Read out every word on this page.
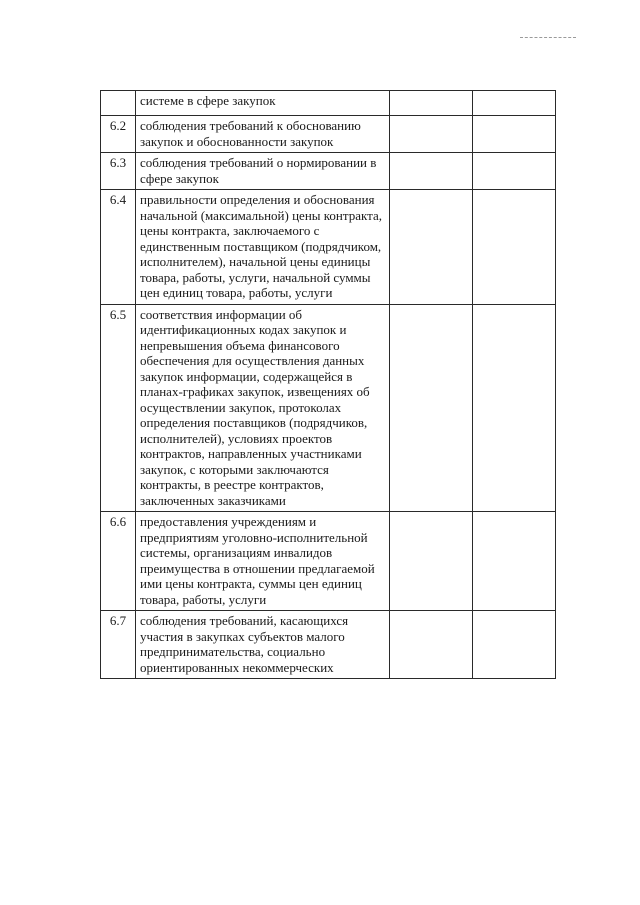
	системе в сфере закупок		
6.2	соблюдения требований к обоснованию закупок и обоснованности закупок		
6.3	соблюдения требований о нормировании в сфере закупок		
6.4	правильности определения и обоснования начальной (максимальной) цены контракта, цены контракта, заключаемого с единственным поставщиком (подрядчиком, исполнителем), начальной цены единицы товара, работы, услуги, начальной суммы цен единиц товара, работы, услуги		
6.5	соответствия информации об идентификационных кодах закупок и непревышения объема финансового обеспечения для осуществления данных закупок информации, содержащейся в планах-графиках закупок, извещениях об осуществлении закупок, протоколах определения поставщиков (подрядчиков, исполнителей), условиях проектов контрактов, направленных участниками закупок, с которыми заключаются контракты, в реестре контрактов, заключенных заказчиками		
6.6	предоставления учреждениям и предприятиям уголовно-исполнительной системы, организациям инвалидов преимущества в отношении предлагаемой ими цены контракта, суммы цен единиц товара, работы, услуги		
6.7	соблюдения требований, касающихся участия в закупках субъектов малого предпринимательства, социально ориентированных некоммерческих		
